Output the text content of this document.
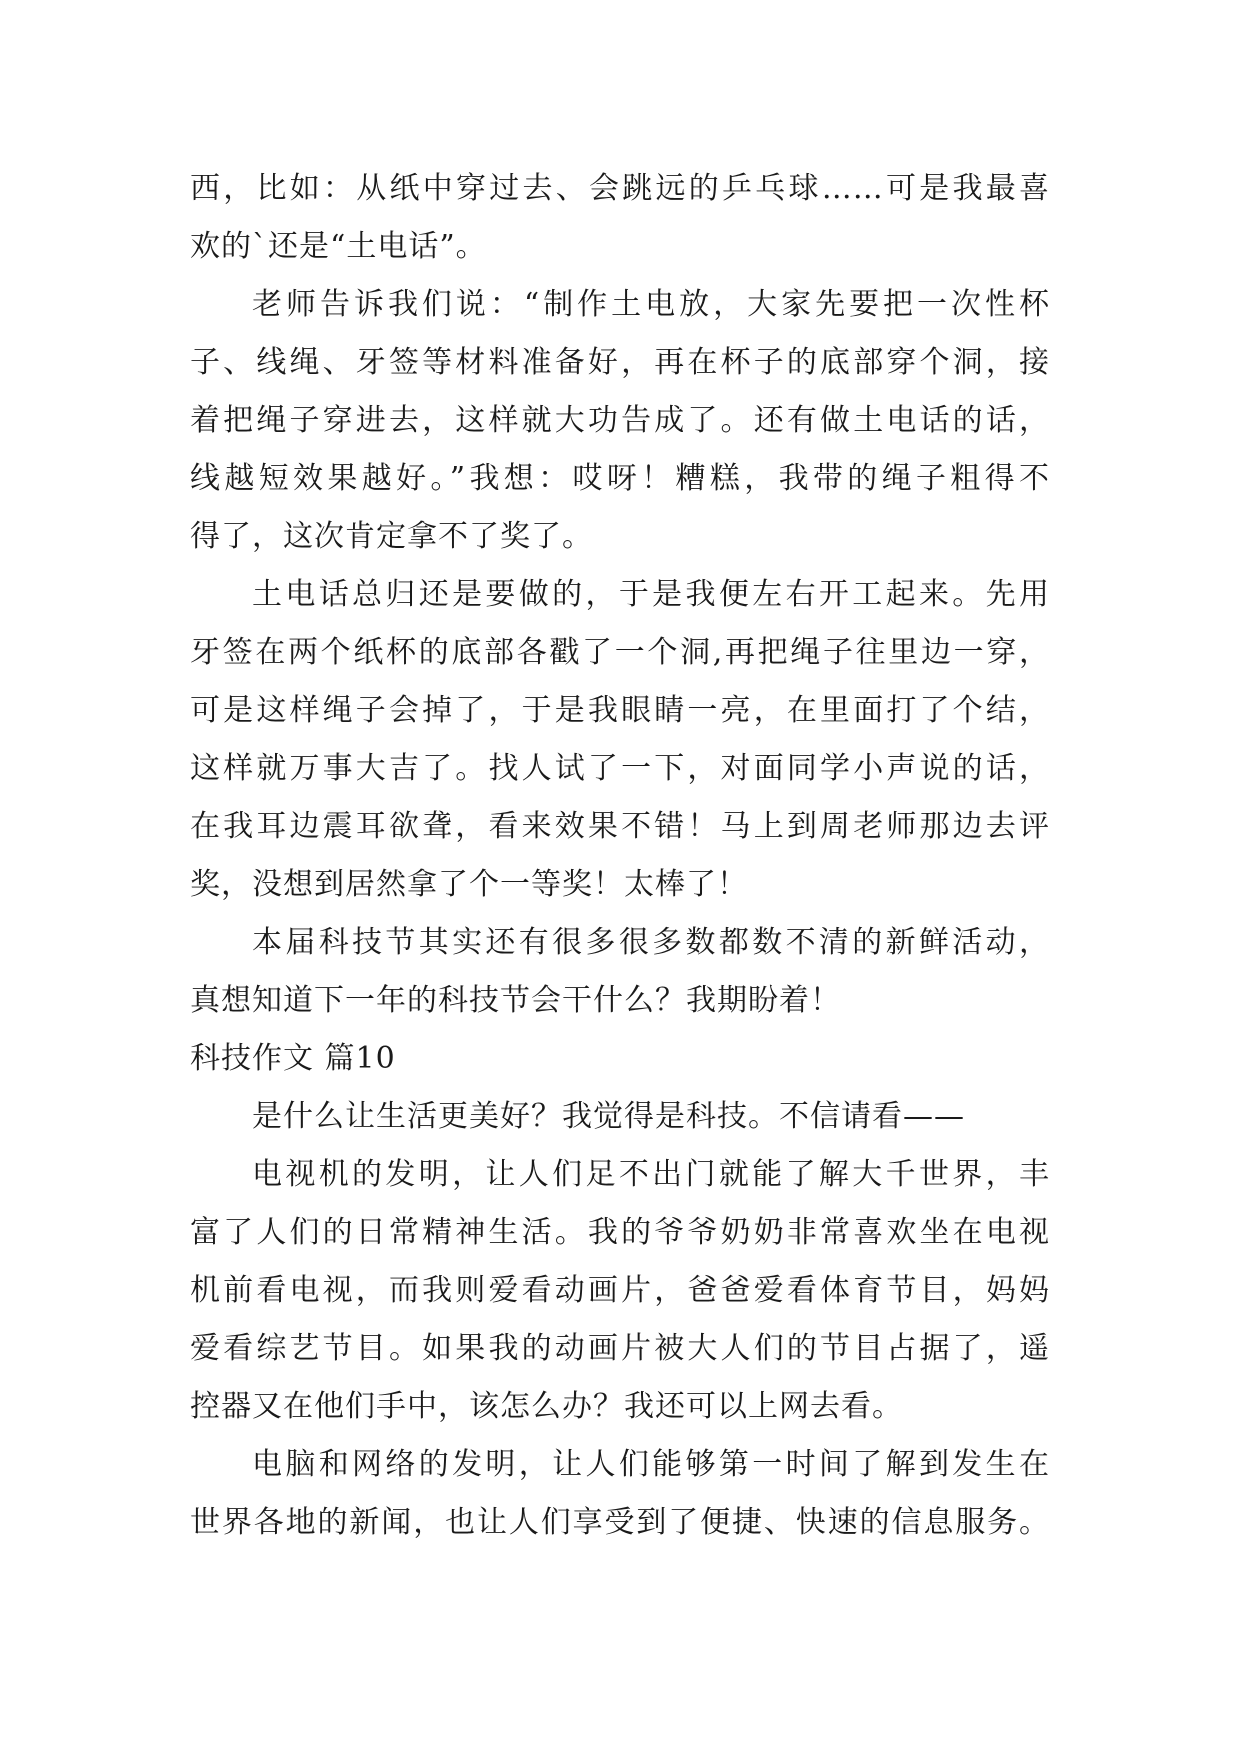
西，比如：从纸中穿过去、会跳远的乒乓球……可是我最喜
欢的`还是“土电话”。
老师告诉我们说：“制作土电放，大家先要把一次性杯
子、线绳、牙签等材料准备好，再在杯子的底部穿个洞，接
着把绳子穿进去，这样就大功告成了。还有做土电话的话，
线越短效果越好。”我想：哎呀！糟糕，我带的绳子粗得不
得了，这次肯定拿不了奖了。
土电话总归还是要做的，于是我便左右开工起来。先用
牙签在两个纸杯的底部各戳了一个洞,再把绳子往里边一穿，
可是这样绳子会掉了，于是我眼睛一亮，在里面打了个结，
这样就万事大吉了。找人试了一下，对面同学小声说的话，
在我耳边震耳欲聋，看来效果不错！马上到周老师那边去评
奖，没想到居然拿了个一等奖！太棒了！
本届科技节其实还有很多很多数都数不清的新鲜活动，
真想知道下一年的科技节会干什么？我期盼着！
科技作文 篇10
是什么让生活更美好？我觉得是科技。不信请看——
电视机的发明，让人们足不出门就能了解大千世界，丰
富了人们的日常精神生活。我的爷爷奶奶非常喜欢坐在电视
机前看电视，而我则爱看动画片，爸爸爱看体育节目，妈妈
爱看综艺节目。如果我的动画片被大人们的节目占据了，遥
控器又在他们手中，该怎么办？我还可以上网去看。
电脑和网络的发明，让人们能够第一时间了解到发生在
世界各地的新闻，也让人们享受到了便捷、快速的信息服务。
